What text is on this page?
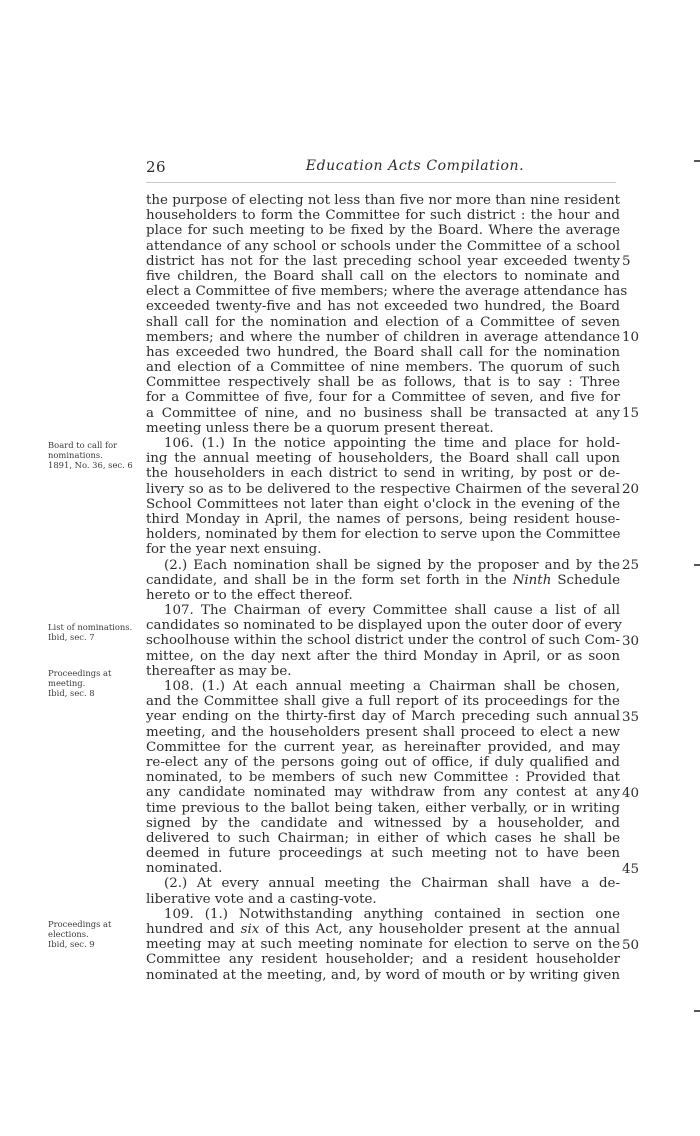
26	Education Acts Compilation.
the purpose of electing not less than five nor more than nine resident
householders to form the Committee for such district : the hour and
place for such meeting to be fixed by the Board. Where the average
attendance of any school or schools under the Committee of a school
district has not for the last preceding school year exceeded twenty
five children, the Board shall call on the electors to nominate and
elect a Committee of five members; where the average attendance has
exceeded twenty-five and has not exceeded two hundred, the Board
shall call for the nomination and election of a Committee of seven
members; and where the number of children in average attendance
has exceeded two hundred, the Board shall call for the nomination
and election of a Committee of nine members. The quorum of such
Committee respectively shall be as follows, that is to say : Three
for a Committee of five, four for a Committee of seven, and five for
a Committee of nine, and no business shall be transacted at any
meeting unless there be a quorum present thereat.
106. (1.) In the notice appointing the time and place for hold-
ing the annual meeting of householders, the Board shall call upon
the householders in each district to send in writing, by post or de-
livery so as to be delivered to the respective Chairmen of the several
School Committees not later than eight o'clock in the evening of the
third Monday in April, the names of persons, being resident house-
holders, nominated by them for election to serve upon the Committee
for the year next ensuing.
(2.) Each nomination shall be signed by the proposer and by the
candidate, and shall be in the form set forth in the Ninth Schedule
hereto or to the effect thereof.
107. The Chairman of every Committee shall cause a list of all
candidates so nominated to be displayed upon the outer door of every
schoolhouse within the school district under the control of such Com-
mittee, on the day next after the third Monday in April, or as soon
thereafter as may be.
108. (1.) At each annual meeting a Chairman shall be chosen,
and the Committee shall give a full report of its proceedings for the
year ending on the thirty-first day of March preceding such annual
meeting, and the householders present shall proceed to elect a new
Committee for the current year, as hereinafter provided, and may
re-elect any of the persons going out of office, if duly qualified and
nominated, to be members of such new Committee : Provided that
any candidate nominated may withdraw from any contest at any
time previous to the ballot being taken, either verbally, or in writing
signed by the candidate and witnessed by a householder, and
delivered to such Chairman; in either of which cases he shall be
deemed in future proceedings at such meeting not to have been
nominated.
(2.) At every annual meeting the Chairman shall have a de-
liberative vote and a casting-vote.
109. (1.) Notwithstanding anything contained in section one
hundred and six of this Act, any householder present at the annual
meeting may at such meeting nominate for election to serve on the
Committee any resident householder; and a resident householder
nominated at the meeting, and, by word of mouth or by writing given
5
10
15
20
25
30
35
40
45
50
Board to call for
nominations.
1891, No. 36, sec. 6
List of nominations.
Ibid, sec. 7
Proceedings at
meeting.
Ibid, sec. 8
Proceedings at
elections.
Ibid, sec. 9
